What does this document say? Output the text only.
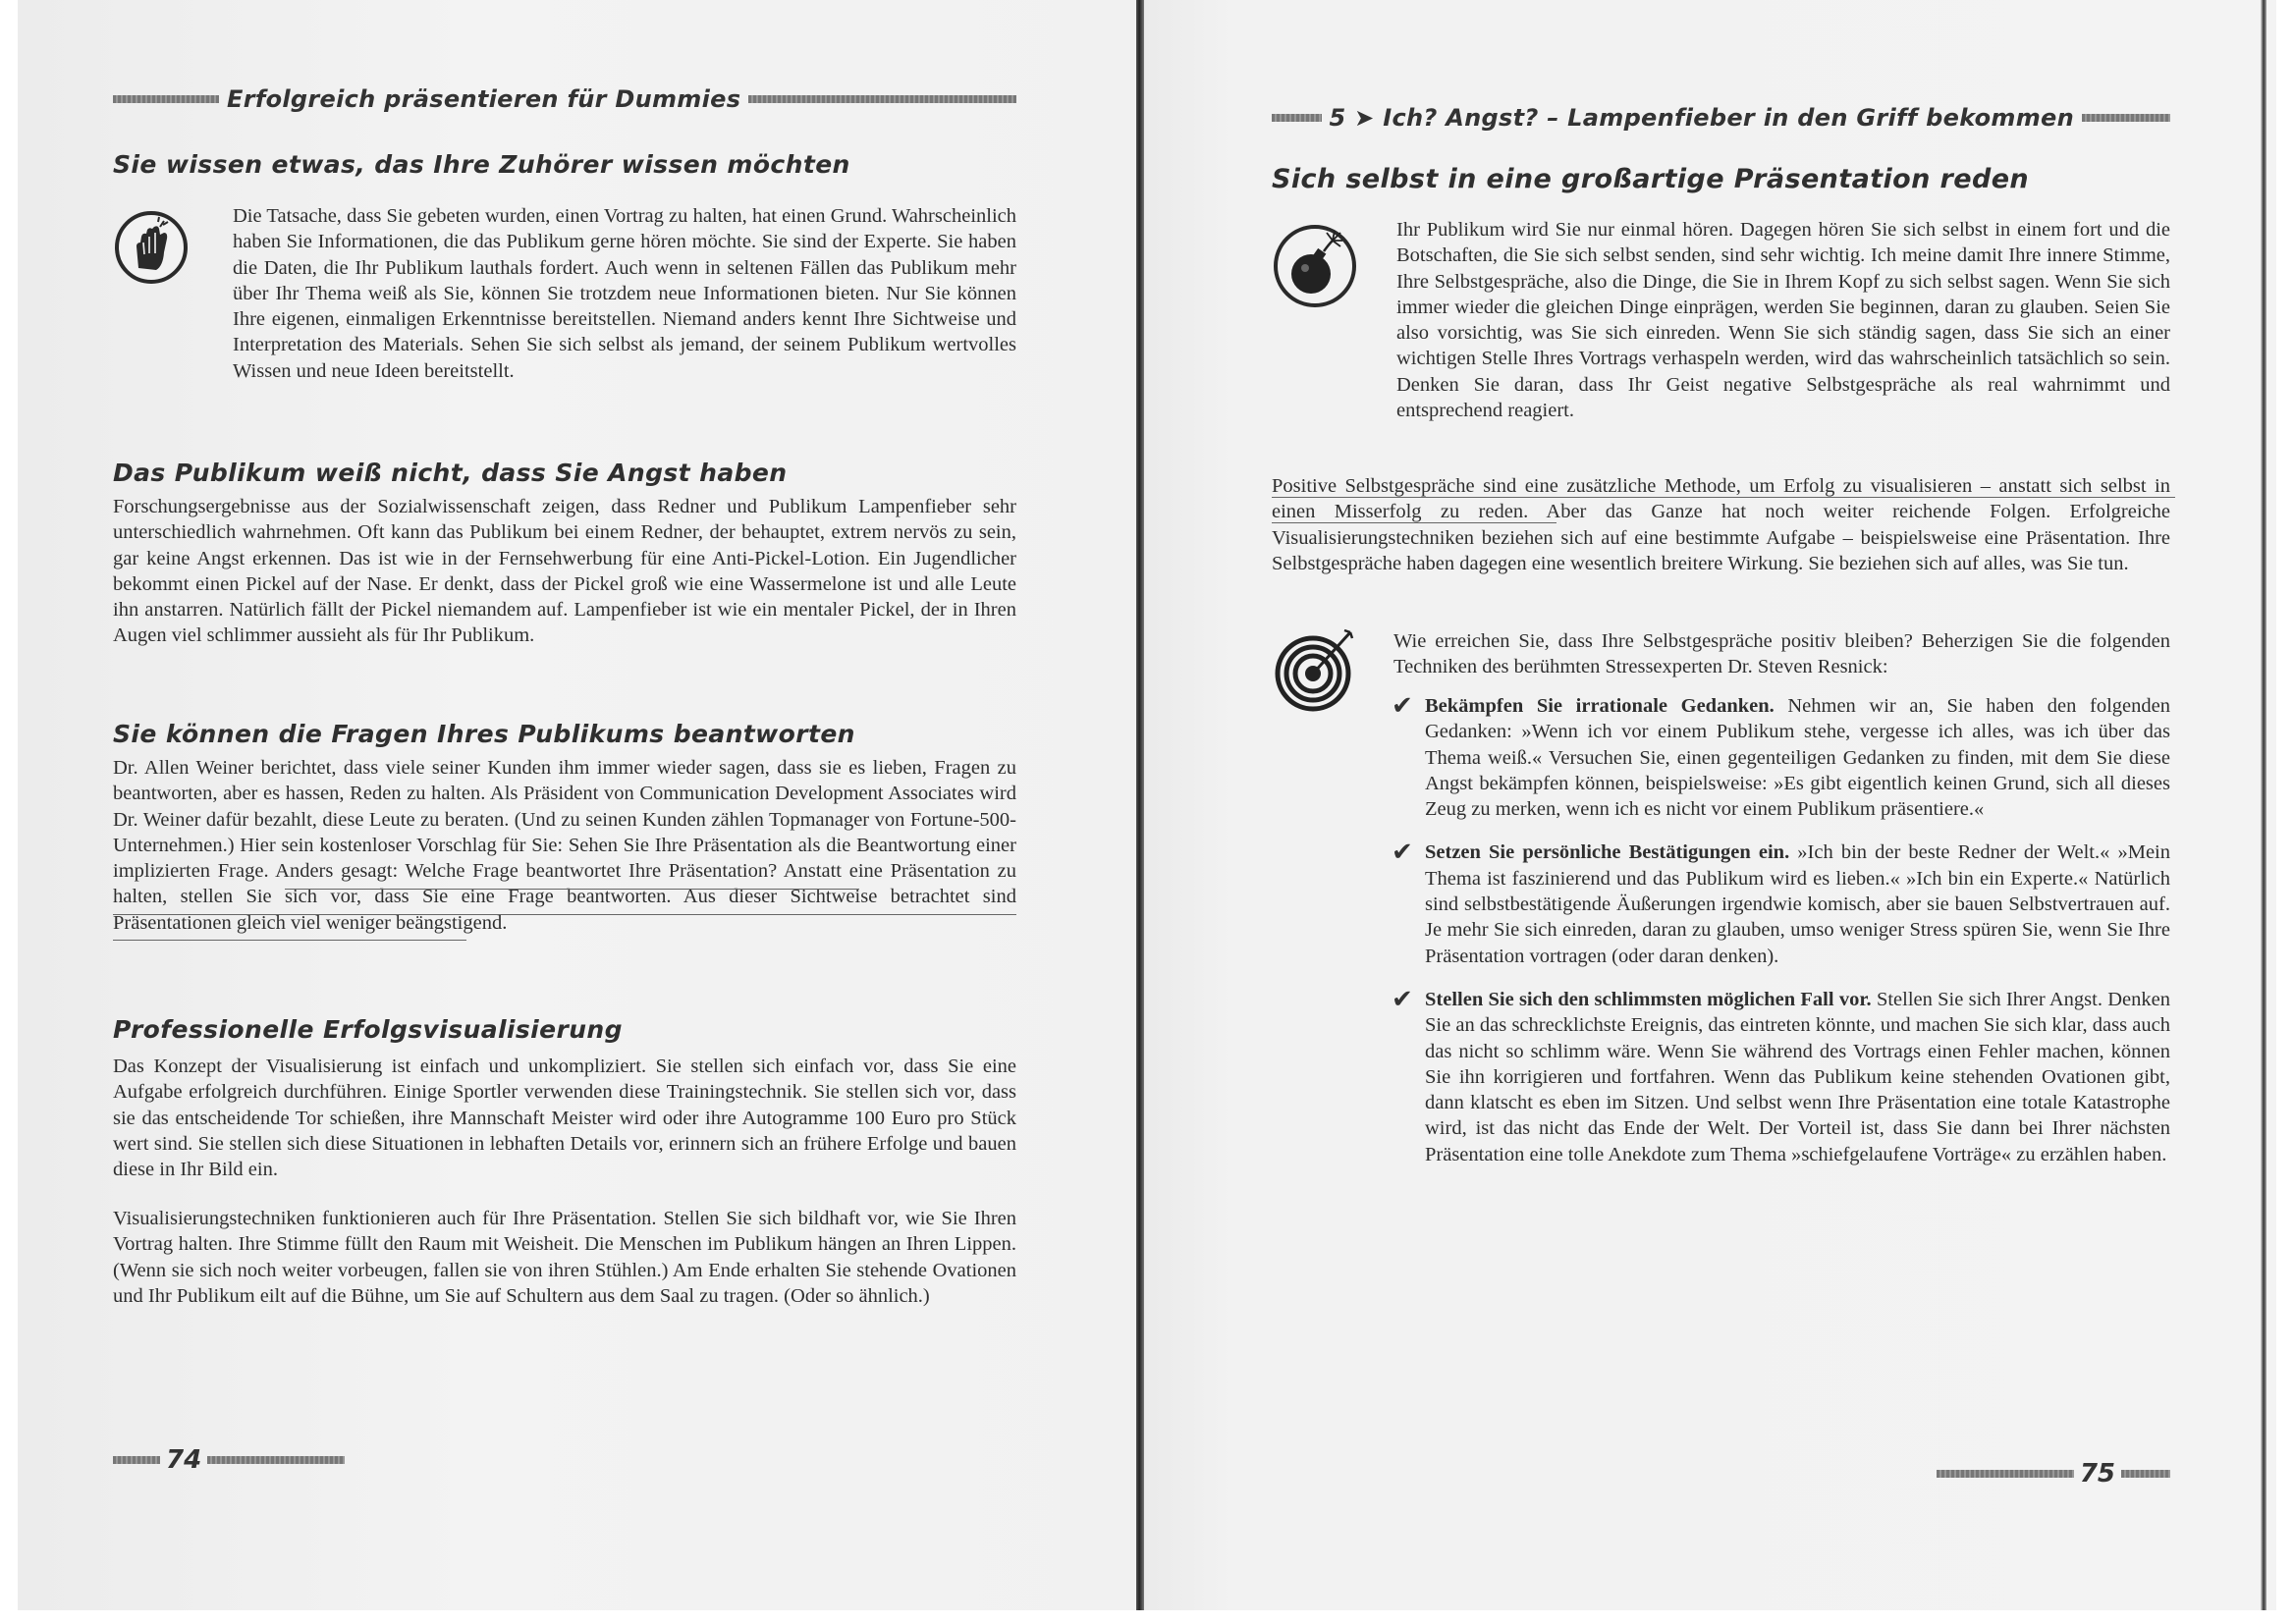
Erfolgreich präsentieren für Dummies
Sie wissen etwas, das Ihre Zuhörer wissen möchten

Die Tatsache, dass Sie gebeten wurden, einen Vortrag zu halten, hat einen Grund. Wahrscheinlich haben Sie Informationen, die das Publikum gerne hören möchte. Sie sind der Experte. Sie haben die Daten, die Ihr Publikum lauthals fordert. Auch wenn in seltenen Fällen das Publikum mehr über Ihr Thema weiß als Sie, können Sie trotzdem neue Informationen bieten. Nur Sie können Ihre eigenen, einmaligen Erkenntnisse bereitstellen. Niemand anders kennt Ihre Sichtweise und Interpretation des Materials. Sehen Sie sich selbst als jemand, der seinem Publikum wertvolles Wissen und neue Ideen bereitstellt.

Das Publikum weiß nicht, dass Sie Angst haben

Forschungsergebnisse aus der Sozialwissenschaft zeigen, dass Redner und Publikum Lampenfieber sehr unterschiedlich wahrnehmen. Oft kann das Publikum bei einem Redner, der behauptet, extrem nervös zu sein, gar keine Angst erkennen. Das ist wie in der Fernsehwerbung für eine Anti-Pickel-Lotion. Ein Jugendlicher bekommt einen Pickel auf der Nase. Er denkt, dass der Pickel groß wie eine Wassermelone ist und alle Leute ihn anstarren. Natürlich fällt der Pickel niemandem auf. Lampenfieber ist wie ein mentaler Pickel, der in Ihren Augen viel schlimmer aussieht als für Ihr Publikum.

Sie können die Fragen Ihres Publikums beantworten

Dr. Allen Weiner berichtet, dass viele seiner Kunden ihm immer wieder sagen, dass sie es lieben, Fragen zu beantworten, aber es hassen, Reden zu halten. Als Präsident von Communication Development Associates wird Dr. Weiner dafür bezahlt, diese Leute zu beraten. (Und zu seinen Kunden zählen Topmanager von Fortune-500-Unternehmen.) Hier sein kostenloser Vorschlag für Sie: Sehen Sie Ihre Präsentation als die Beantwortung einer implizierten Frage. Anders gesagt: Welche Frage beantwortet Ihre Präsentation? Anstatt eine Präsentation zu halten, stellen Sie sich vor, dass Sie eine Frage beantworten. Aus dieser Sichtweise betrachtet sind Präsentationen gleich viel weniger beängstigend.

Professionelle Erfolgsvisualisierung

Das Konzept der Visualisierung ist einfach und unkompliziert. Sie stellen sich einfach vor, dass Sie eine Aufgabe erfolgreich durchführen. Einige Sportler verwenden diese Trainingstechnik. Sie stellen sich vor, dass sie das entscheidende Tor schießen, ihre Mannschaft Meister wird oder ihre Autogramme 100 Euro pro Stück wert sind. Sie stellen sich diese Situationen in lebhaften Details vor, erinnern sich an frühere Erfolge und bauen diese in Ihr Bild ein.

Visualisierungstechniken funktionieren auch für Ihre Präsentation. Stellen Sie sich bildhaft vor, wie Sie Ihren Vortrag halten. Ihre Stimme füllt den Raum mit Weisheit. Die Menschen im Publikum hängen an Ihren Lippen. (Wenn sie sich noch weiter vorbeugen, fallen sie von ihren Stühlen.) Am Ende erhalten Sie stehende Ovationen und Ihr Publikum eilt auf die Bühne, um Sie auf Schultern aus dem Saal zu tragen. (Oder so ähnlich.)

74
5 ➤ Ich? Angst? – Lampenfieber in den Griff bekommen
Sich selbst in eine großartige Präsentation reden

Ihr Publikum wird Sie nur einmal hören. Dagegen hören Sie sich selbst in einem fort und die Botschaften, die Sie sich selbst senden, sind sehr wichtig. Ich meine damit Ihre innere Stimme, Ihre Selbstgespräche, also die Dinge, die Sie in Ihrem Kopf zu sich selbst sagen. Wenn Sie sich immer wieder die gleichen Dinge einprägen, werden Sie beginnen, daran zu glauben. Seien Sie also vorsichtig, was Sie sich einreden. Wenn Sie sich ständig sagen, dass Sie sich an einer wichtigen Stelle Ihres Vortrags verhaspeln werden, wird das wahrscheinlich tatsächlich so sein. Denken Sie daran, dass Ihr Geist negative Selbstgespräche als real wahrnimmt und entsprechend reagiert.

Positive Selbstgespräche sind eine zusätzliche Methode, um Erfolg zu visualisieren – anstatt sich selbst in einen Misserfolg zu reden. Aber das Ganze hat noch weiter reichende Folgen. Erfolgreiche Visualisierungstechniken beziehen sich auf eine bestimmte Aufgabe – beispielsweise eine Präsentation. Ihre Selbstgespräche haben dagegen eine wesentlich breitere Wirkung. Sie beziehen sich auf alles, was Sie tun.

Wie erreichen Sie, dass Ihre Selbstgespräche positiv bleiben? Beherzigen Sie die folgenden Techniken des berühmten Stressexperten Dr. Steven Resnick:

✔ Bekämpfen Sie irrationale Gedanken. Nehmen wir an, Sie haben den folgenden Gedanken: »Wenn ich vor einem Publikum stehe, vergesse ich alles, was ich über das Thema weiß.« Versuchen Sie, einen gegenteiligen Gedanken zu finden, mit dem Sie diese Angst bekämpfen können, beispielsweise: »Es gibt eigentlich keinen Grund, sich all dieses Zeug zu merken, wenn ich es nicht vor einem Publikum präsentiere.«
✔ Setzen Sie persönliche Bestätigungen ein. »Ich bin der beste Redner der Welt.« »Mein Thema ist faszinierend und das Publikum wird es lieben.« »Ich bin ein Experte.« Natürlich sind selbstbestätigende Äußerungen irgendwie komisch, aber sie bauen Selbstvertrauen auf. Je mehr Sie sich einreden, daran zu glauben, umso weniger Stress spüren Sie, wenn Sie Ihre Präsentation vortragen (oder daran denken).
✔ Stellen Sie sich den schlimmsten möglichen Fall vor. Stellen Sie sich Ihrer Angst. Denken Sie an das schrecklichste Ereignis, das eintreten könnte, und machen Sie sich klar, dass auch das nicht so schlimm wäre. Wenn Sie während des Vortrags einen Fehler machen, können Sie ihn korrigieren und fortfahren. Wenn das Publikum keine stehenden Ovationen gibt, dann klatscht es eben im Sitzen. Und selbst wenn Ihre Präsentation eine totale Katastrophe wird, ist das nicht das Ende der Welt. Der Vorteil ist, dass Sie dann bei Ihrer nächsten Präsentation eine tolle Anekdote zum Thema »schiefgelaufene Vorträge« zu erzählen haben.
75
